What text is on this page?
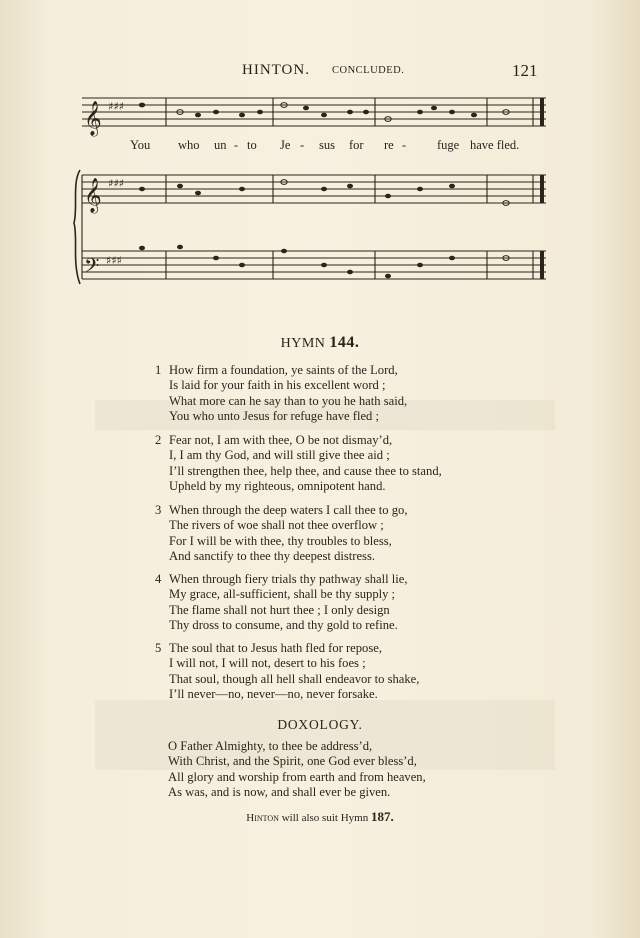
HINTON. CONCLUDED.	121
𝄞
𝄞
𝄢
♯♯♯
♯♯♯
♯♯♯
You who un - to Je - sus for re - fuge have fled.
HYMN 144.
1 How firm a foundation, ye saints of the Lord,
Is laid for your faith in his excellent word ;
What more can he say than to you he hath said,
You who unto Jesus for refuge have fled ;
2 Fear not, I am with thee, O be not dismay’d,
I, I am thy God, and will still give thee aid ;
I’ll strengthen thee, help thee, and cause thee to stand,
Upheld by my righteous, omnipotent hand.
3 When through the deep waters I call thee to go,
The rivers of woe shall not thee overflow ;
For I will be with thee, thy troubles to bless,
And sanctify to thee thy deepest distress.
4 When through fiery trials thy pathway shall lie,
My grace, all-sufficient, shall be thy supply ;
The flame shall not hurt thee ; I only design
Thy dross to consume, and thy gold to refine.
5 The soul that to Jesus hath fled for repose,
I will not, I will not, desert to his foes ;
That soul, though all hell shall endeavor to shake,
I’ll never—no, never—no, never forsake.
DOXOLOGY.
O Father Almighty, to thee be address’d,
With Christ, and the Spirit, one God ever bless’d,
All glory and worship from earth and from heaven,
As was, and is now, and shall ever be given.
Hinton will also suit Hymn 187.
